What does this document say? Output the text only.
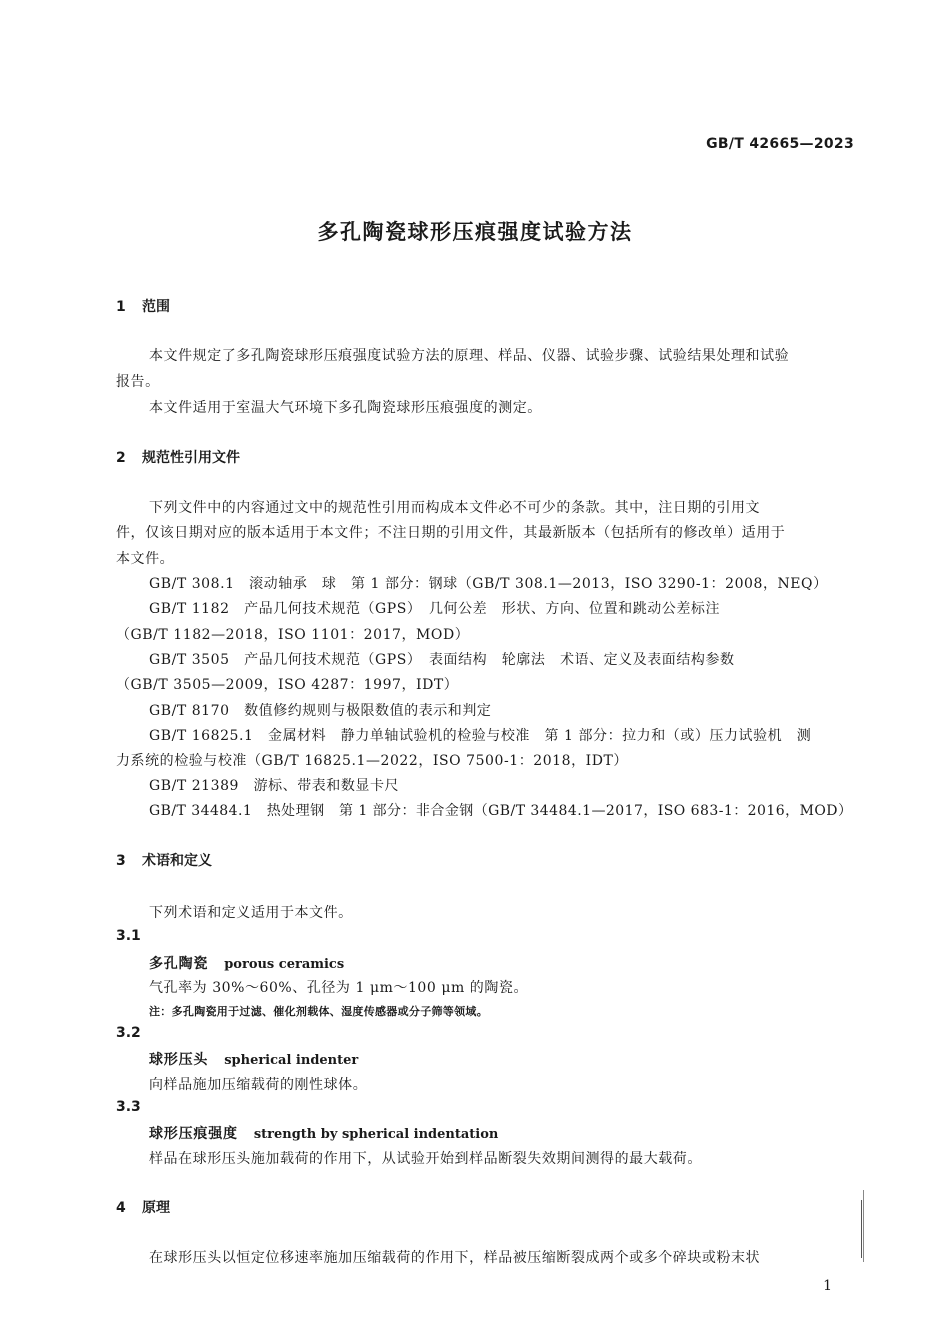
GB/T 42665—2023
多孔陶瓷球形压痕强度试验方法
1 范围
本文件规定了多孔陶瓷球形压痕强度试验方法的原理、样品、仪器、试验步骤、试验结果处理和试验
报告。
本文件适用于室温大气环境下多孔陶瓷球形压痕强度的测定。
2 规范性引用文件
下列文件中的内容通过文中的规范性引用而构成本文件必不可少的条款。其中，注日期的引用文
件，仅该日期对应的版本适用于本文件；不注日期的引用文件，其最新版本（包括所有的修改单）适用于
本文件。
GB/T 308.1　滚动轴承　球　第 1 部分：钢球（GB/T 308.1—2013，ISO 3290-1：2008，NEQ）
GB/T 1182　产品几何技术规范（GPS）　几何公差　形状、方向、位置和跳动公差标注
（GB/T 1182—2018，ISO 1101：2017，MOD）
GB/T 3505　产品几何技术规范（GPS）　表面结构　轮廓法　术语、定义及表面结构参数
（GB/T 3505—2009，ISO 4287：1997，IDT）
GB/T 8170　数值修约规则与极限数值的表示和判定
GB/T 16825.1　金属材料　静力单轴试验机的检验与校准　第 1 部分：拉力和（或）压力试验机　测
力系统的检验与校准（GB/T 16825.1—2022，ISO 7500-1：2018，IDT）
GB/T 21389　游标、带表和数显卡尺
GB/T 34484.1　热处理钢　第 1 部分：非合金钢（GB/T 34484.1—2017，ISO 683-1：2016，MOD）
3 术语和定义
下列术语和定义适用于本文件。
3.1
多孔陶瓷 porous ceramics
气孔率为 30%～60%、孔径为 1 μm～100 μm 的陶瓷。
注：多孔陶瓷用于过滤、催化剂载体、湿度传感器或分子筛等领域。
3.2
球形压头 spherical indenter
向样品施加压缩载荷的刚性球体。
3.3
球形压痕强度 strength by spherical indentation
样品在球形压头施加载荷的作用下，从试验开始到样品断裂失效期间测得的最大载荷。
4 原理
在球形压头以恒定位移速率施加压缩载荷的作用下，样品被压缩断裂成两个或多个碎块或粉末状
1
